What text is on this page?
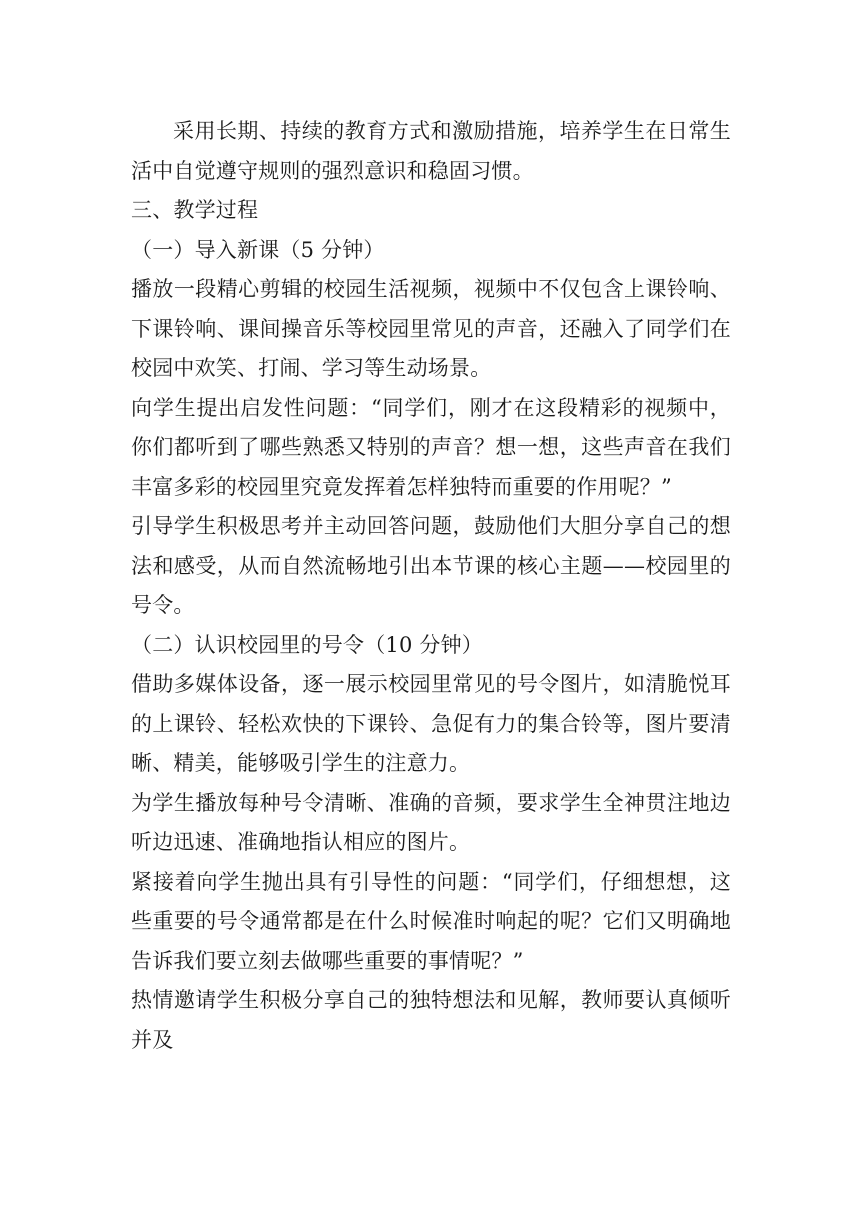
采用长期、持续的教育方式和激励措施，培养学生在日常生活中自觉遵守规则的强烈意识和稳固习惯。

三、教学过程

（一）导入新课（5 分钟）

播放一段精心剪辑的校园生活视频，视频中不仅包含上课铃响、下课铃响、课间操音乐等校园里常见的声音，还融入了同学们在校园中欢笑、打闹、学习等生动场景。

向学生提出启发性问题：“同学们，刚才在这段精彩的视频中，你们都听到了哪些熟悉又特别的声音？想一想，这些声音在我们丰富多彩的校园里究竟发挥着怎样独特而重要的作用呢？”

引导学生积极思考并主动回答问题，鼓励他们大胆分享自己的想法和感受，从而自然流畅地引出本节课的核心主题——校园里的号令。

（二）认识校园里的号令（10 分钟）

借助多媒体设备，逐一展示校园里常见的号令图片，如清脆悦耳的上课铃、轻松欢快的下课铃、急促有力的集合铃等，图片要清晰、精美，能够吸引学生的注意力。

为学生播放每种号令清晰、准确的音频，要求学生全神贯注地边听边迅速、准确地指认相应的图片。

紧接着向学生抛出具有引导性的问题：“同学们，仔细想想，这些重要的号令通常都是在什么时候准时响起的呢？它们又明确地告诉我们要立刻去做哪些重要的事情呢？”

热情邀请学生积极分享自己的独特想法和见解，教师要认真倾听并及
